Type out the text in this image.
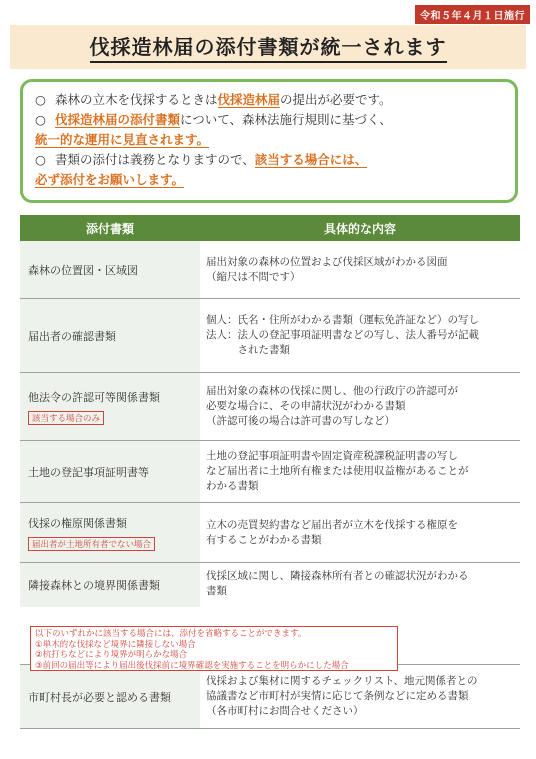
令和５年４月１日施行
伐採造林届の添付書類が統一されます
○ 森林の立木を伐採するときは伐採造林届の提出が必要です。
○ 伐採造林届の添付書類について、森林法施行規則に基づく、
統一的な運用に見直されます。
○ 書類の添付は義務となりますので、該当する場合には、
必ず添付をお願いします。
添付書類	具体的な内容
森林の位置図・区域図
届出対象の森林の位置および伐採区域がわかる図面
（縮尺は不問です）
届出者の確認書類
個人：氏名・住所がわかる書類（運転免許証など）の写し
法人：法人の登記事項証明書などの写し、法人番号が記載
　　　された書類
他法令の許認可等関係書類
該当する場合のみ
届出対象の森林の伐採に関し、他の行政庁の許認可が
必要な場合に、その申請状況がわかる書類
（許認可後の場合は許可書の写しなど）
土地の登記事項証明書等
土地の登記事項証明書や固定資産税課税証明書の写し
など届出者に土地所有権または使用収益権があることが
わかる書類
伐採の権原関係書類
届出者が土地所有者でない場合
立木の売買契約書など届出者が立木を伐採する権原を
有することがわかる書類
隣接森林との境界関係書類
伐採区域に関し、隣接森林所有者との確認状況がわかる
書類
市町村長が必要と認める書類
伐採および集材に関するチェックリスト、地元関係者との
協議書など市町村が実情に応じて条例などに定める書類
（各市町村にお問合せください）
以下のいずれかに該当する場合には、添付を省略することができます。
①単木的な伐採など境界に隣接しない場合
②杭打ちなどにより境界が明らかな場合
③前回の届出等により届出後伐採前に境界確認を実施することを明らかにした場合
